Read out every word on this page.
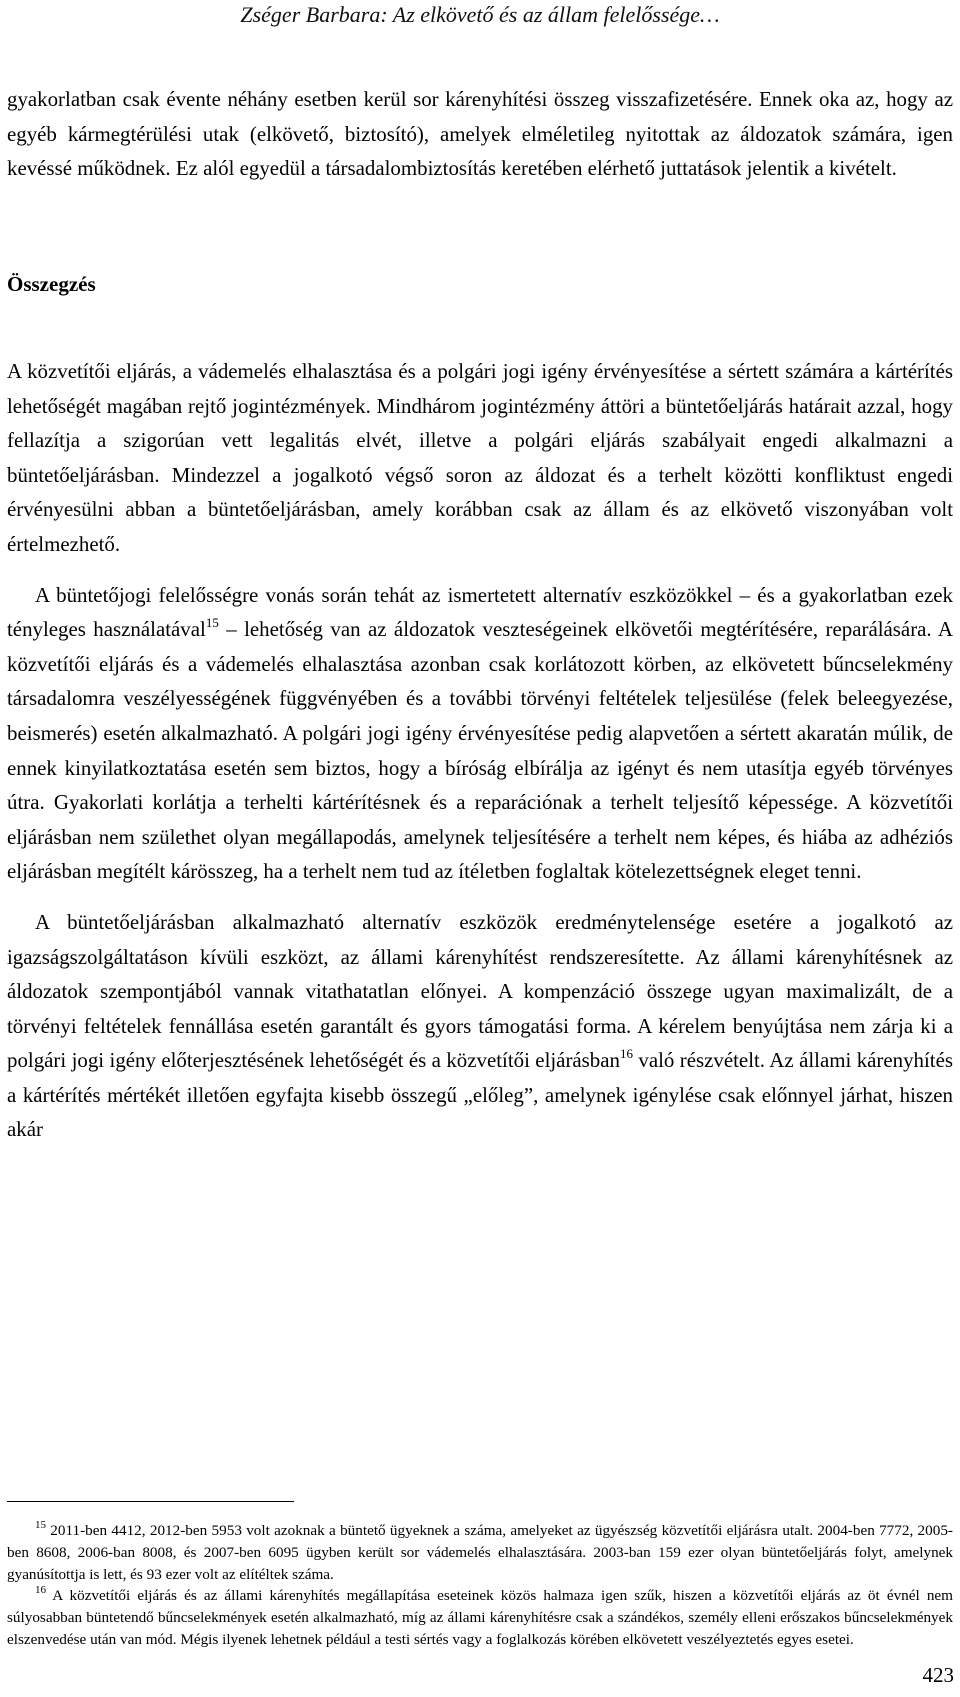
Zséger Barbara: Az elkövető és az állam felelőssége…

gyakorlatban csak évente néhány esetben kerül sor kárenyhítési összeg visszafizetésére. Ennek oka az, hogy az egyéb kármegtérülési utak (elkövető, biztosító), amelyek elméletileg nyitottak az áldozatok számára, igen kevéssé működnek. Ez alól egyedül a társadalombiztosítás keretében elérhető juttatások jelentik a kivételt.

Összegzés

A közvetítői eljárás, a vádemelés elhalasztása és a polgári jogi igény érvényesítése a sértett számára a kártérítés lehetőségét magában rejtő jogintézmények. Mindhárom jogintézmény áttöri a büntetőeljárás határait azzal, hogy fellazítja a szigorúan vett legalitás elvét, illetve a polgári eljárás szabályait engedi alkalmazni a büntetőeljárásban. Mindezzel a jogalkotó végső soron az áldozat és a terhelt közötti konfliktust engedi érvényesülni abban a büntetőeljárásban, amely korábban csak az állam és az elkövető viszonyában volt értelmezhető.

A büntetőjogi felelősségre vonás során tehát az ismertetett alternatív eszközökkel – és a gyakorlatban ezek tényleges használatával$^{15}$ – lehetőség van az áldozatok veszteségeinek elkövetői megtérítésére, reparálására. A közvetítői eljárás és a vádemelés elhalasztása azonban csak korlátozott körben, az elkövetett bűncselekmény társadalomra veszélyességének függvényében és a további törvényi feltételek teljesülése (felek beleegyezése, beismerés) esetén alkalmazható. A polgári jogi igény érvényesítése pedig alapvetően a sértett akaratán múlik, de ennek kinyilatkoztatása esetén sem biztos, hogy a bíróság elbírálja az igényt és nem utasítja egyéb törvényes útra. Gyakorlati korlátja a terhelti kártérítésnek és a reparációnak a terhelt teljesítő képessége. A közvetítői eljárásban nem születhet olyan megállapodás, amelynek teljesítésére a terhelt nem képes, és hiába az adhéziós eljárásban megítélt kárösszeg, ha a terhelt nem tud az ítéletben foglaltak kötelezettségnek eleget tenni.

A büntetőeljárásban alkalmazható alternatív eszközök eredménytelensége esetére a jogalkotó az igazságszolgáltatáson kívüli eszközt, az állami kárenyhítést rendszeresítette. Az állami kárenyhítésnek az áldozatok szempontjából vannak vitathatatlan előnyei. A kompenzáció összege ugyan maximalizált, de a törvényi feltételek fennállása esetén garantált és gyors támogatási forma. A kérelem benyújtása nem zárja ki a polgári jogi igény előterjesztésének lehetőségét és a közvetítői eljárásban$^{16}$ való részvételt. Az állami kárenyhítés a kártérítés mértékét illetően egyfajta kisebb összegű „előleg”, amelynek igénylése csak előnnyel járhat, hiszen akár

$^{15}$ 2011-ben 4412, 2012-ben 5953 volt azoknak a büntető ügyeknek a száma, amelyeket az ügyészség közvetítői eljárásra utalt. 2004-ben 7772, 2005-ben 8608, 2006-ban 8008, és 2007-ben 6095 ügyben került sor vádemelés elhalasztására. 2003-ban 159 ezer olyan büntetőeljárás folyt, amelynek gyanúsítottja is lett, és 93 ezer volt az elítéltek száma.

$^{16}$ A közvetítői eljárás és az állami kárenyhítés megállapítása eseteinek közös halmaza igen szűk, hiszen a közvetítői eljárás az öt évnél nem súlyosabban büntetendő bűncselekmények esetén alkalmazható, míg az állami kárenyhítésre csak a szándékos, személy elleni erőszakos bűncselekmények elszenvedése után van mód. Mégis ilyenek lehetnek például a testi sértés vagy a foglalkozás körében elkövetett veszélyeztetés egyes esetei.

423
